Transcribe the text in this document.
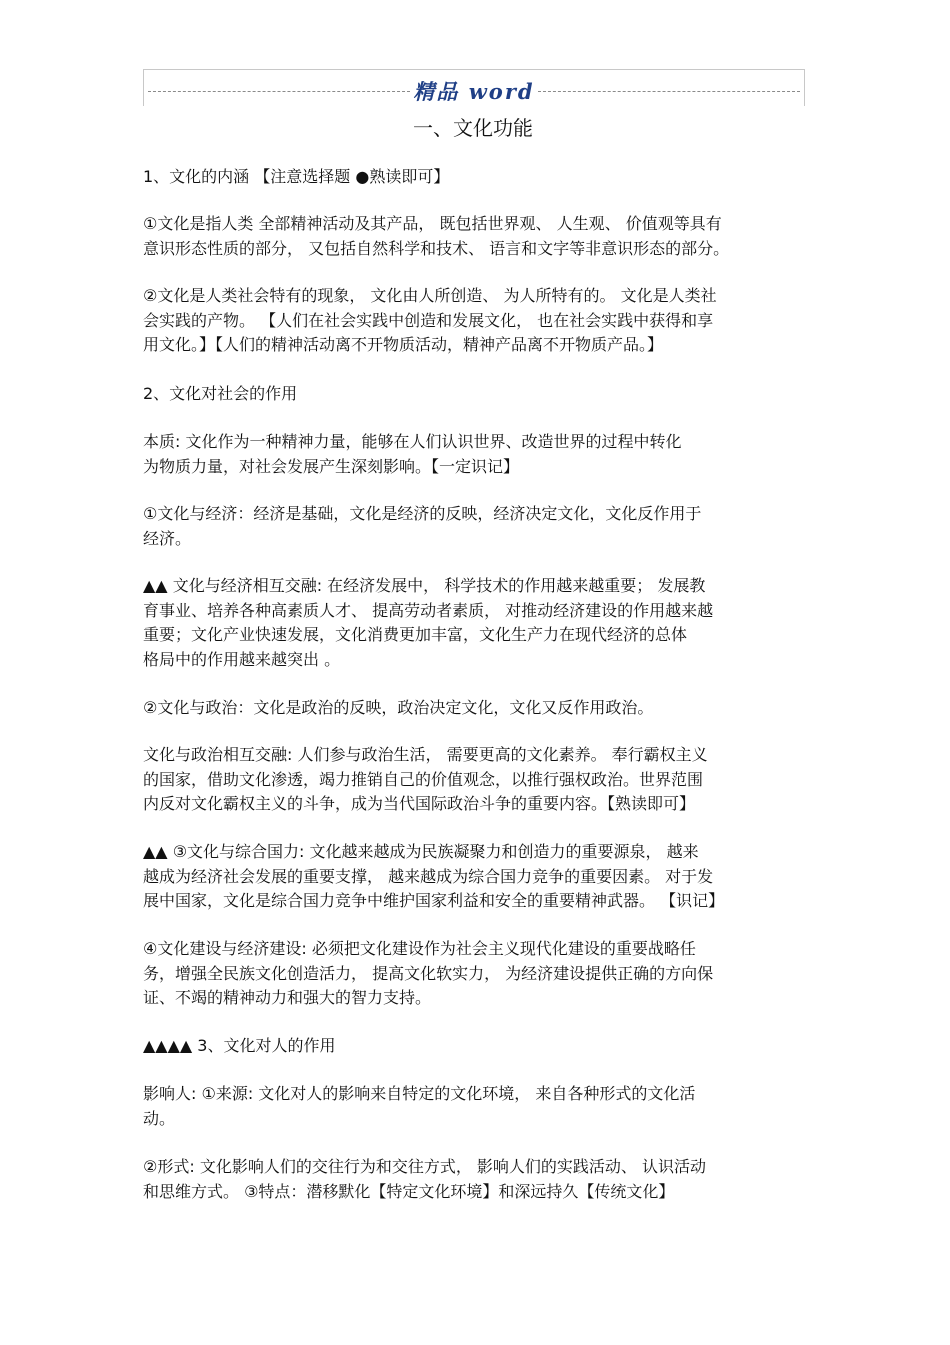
精品 word
一、文化功能
1、文化的内涵 【注意选择题 ●熟读即可】
①文化是指人类 全部精神活动及其产品， 既包括世界观、 人生观、 价值观等具有
意识形态性质的部分， 又包括自然科学和技术、 语言和文字等非意识形态的部分。
②文化是人类社会特有的现象， 文化由人所创造、 为人所特有的。 文化是人类社
会实践的产物。 【人们在社会实践中创造和发展文化， 也在社会实践中获得和享
用文化。】【人们的精神活动离不开物质活动，精神产品离不开物质产品。】
2、文化对社会的作用
本质: 文化作为一种精神力量，能够在人们认识世界、改造世界的过程中转化
为物质力量，对社会发展产生深刻影响。【一定识记】
①文化与经济：经济是基础，文化是经济的反映，经济决定文化，文化反作用于
经济。
▲▲ 文化与经济相互交融: 在经济发展中， 科学技术的作用越来越重要； 发展教
育事业、培养各种高素质人才、 提高劳动者素质， 对推动经济建设的作用越来越
重要；文化产业快速发展，文化消费更加丰富，文化生产力在现代经济的总体
格局中的作用越来越突出 。
②文化与政治：文化是政治的反映，政治决定文化，文化又反作用政治。
文化与政治相互交融: 人们参与政治生活， 需要更高的文化素养。 奉行霸权主义
的国家，借助文化渗透，竭力推销自己的价值观念，以推行强权政治。世界范围
内反对文化霸权主义的斗争，成为当代国际政治斗争的重要内容。【熟读即可】
▲▲ ③文化与综合国力: 文化越来越成为民族凝聚力和创造力的重要源泉， 越来
越成为经济社会发展的重要支撑， 越来越成为综合国力竞争的重要因素。 对于发
展中国家，文化是综合国力竞争中维护国家利益和安全的重要精神武器。 【识记】
④文化建设与经济建设: 必须把文化建设作为社会主义现代化建设的重要战略任
务，增强全民族文化创造活力， 提高文化软实力， 为经济建设提供正确的方向保
证、不竭的精神动力和强大的智力支持。
▲▲▲▲ 3、文化对人的作用
影响人: ①来源: 文化对人的影响来自特定的文化环境， 来自各种形式的文化活
动。
②形式: 文化影响人们的交往行为和交往方式， 影响人们的实践活动、 认识活动
和思维方式。 ③特点：潜移默化【特定文化环境】和深远持久【传统文化】
